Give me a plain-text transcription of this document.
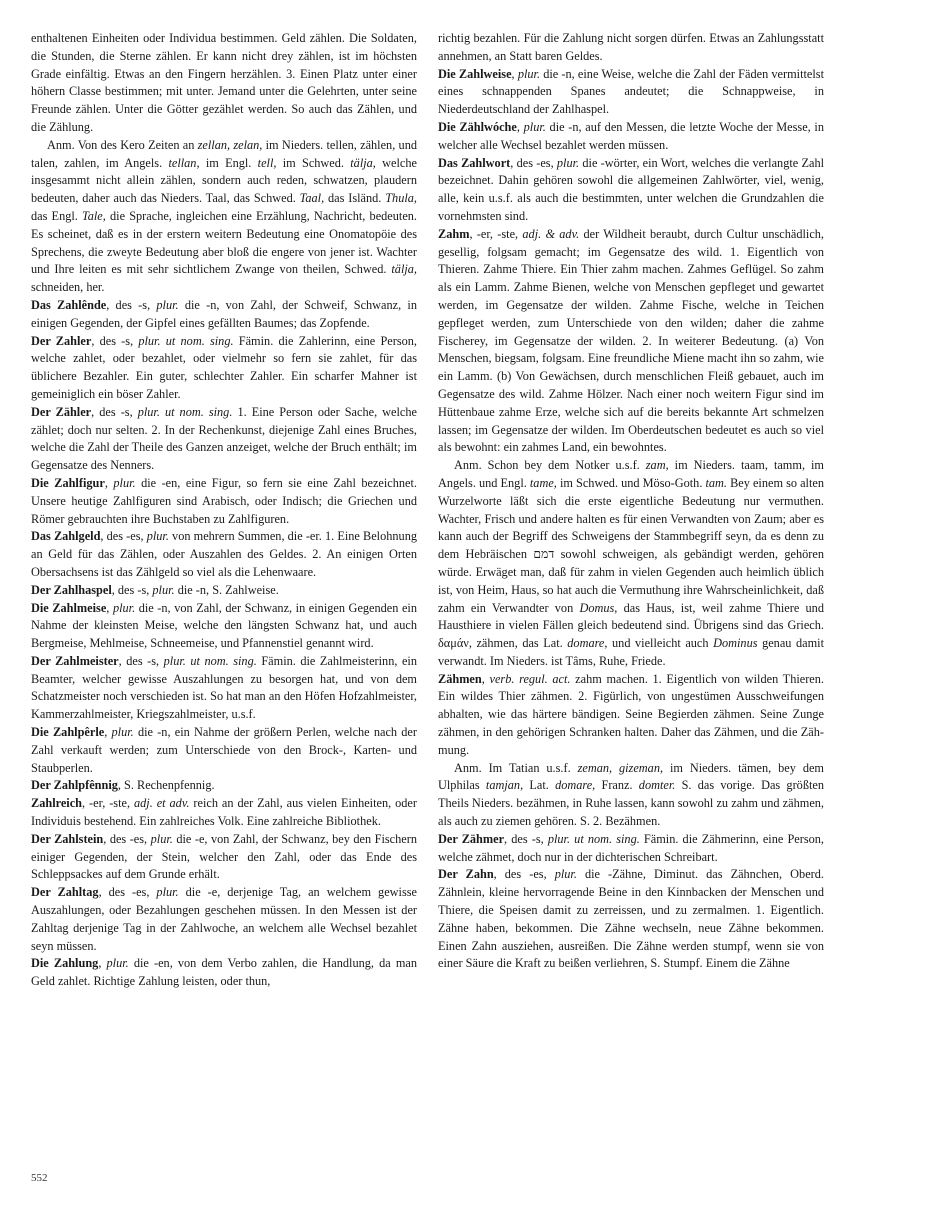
enthaltenen Einheiten oder Individua bestimmen. Geld zählen. Die Soldaten, die Stunden, die Sterne zählen. Er kann nicht drey zählen, ist im höchsten Grade einfältig. Etwas an den Fingern herzählen. 3. Einen Platz unter einer höhern Classe bestimmen; mit unter. Jemand unter die Gelehrten, unter seine Freunde zählen. Unter die Götter gezählet werden. So auch das Zählen, und die Zählung.

Anm. Von des Kero Zeiten an zellan, zelan, im Nieders. tellen, zählen, und talen, zahlen, im Angels. tellan, im Engl. tell, im Schwed. tälja, welche insgesammt nicht allein zählen, sondern auch reden, schwatzen, plaudern bedeuten, daher auch das Nieders. Taal, das Schwed. Taal, das Isländ. Thula, das Engl. Tale, die Sprache, ingleichen eine Erzählung, Nachricht, bedeuten. Es scheinet, daß es in der erstern weitern Bedeutung eine Onomatopöie des Sprechens, die zweyte Bedeutung aber bloß die engere von jener ist. Wachter und Ihre leiten es mit sehr sichtlichem Zwange von theilen, Schwed. tälja, schneiden, her.

Das Zahlênde, des -s, plur. die -n, von Zahl, der Schweif, Schwanz, in einigen Gegenden, der Gipfel eines gefällten Baumes; das Zopfende.

Der Zahler, des -s, plur. ut nom. sing. Fämin. die Zahlerinn, eine Person, welche zahlet, oder bezahlet, oder vielmehr so fern sie zahlet, für das üblichere Bezahler. Ein guter, schlechter Zahler. Ein scharfer Mahner ist gemeiniglich ein böser Zahler.

Der Zähler, des -s, plur. ut nom. sing. 1. Eine Person oder Sache, welche zählet; doch nur selten. 2. In der Rechenkunst, diejenige Zahl eines Bruches, welche die Zahl der Theile des Ganzen anzeiget, welche der Bruch enthält; im Gegensatze des Nenners.

Die Zahlfigur, plur. die -en, eine Figur, so fern sie eine Zahl bezeichnet. Unsere heutige Zahlfiguren sind Arabisch, oder Indisch; die Griechen und Römer gebrauchten ihre Buchstaben zu Zahlfiguren.

Das Zahlgeld, des -es, plur. von mehrern Summen, die -er. 1. Eine Belohnung an Geld für das Zählen, oder Auszahlen des Geldes. 2. An einigen Orten Obersachsens ist das Zählgeld so viel als die Lehenwaare.

Der Zahlhaspel, des -s, plur. die -n, S. Zahlweise.

Die Zahlmeise, plur. die -n, von Zahl, der Schwanz, in einigen Gegenden ein Nahme der kleinsten Meise, welche den längsten Schwanz hat, und auch Bergmeise, Mehlmeise, Schneemeise, und Pfannenstiel genannt wird.

Der Zahlmeister, des -s, plur. ut nom. sing. Fämin. die Zahlmeisterinn, ein Beamter, welcher gewisse Auszahlungen zu besorgen hat, und von dem Schatzmeister noch verschieden ist. So hat man an den Höfen Hofzahlmeister, Kammerzahlmeister, Kriegszahlmeister, u.s.f.

Die Zahlpêrle, plur. die -n, ein Nahme der größern Perlen, welche nach der Zahl verkauft werden; zum Unterschiede von den Brock-, Karten- und Staubperlen.

Der Zahlpfênnig, S. Rechenpfennig.

Zahlreich, -er, -ste, adj. et adv. reich an der Zahl, aus vielen Einheiten, oder Individuis bestehend. Ein zahlreiches Volk. Eine zahlreiche Bibliothek.

Der Zahlstein, des -es, plur. die -e, von Zahl, der Schwanz, bey den Fischern einiger Gegenden, der Stein, welcher den Zahl, oder das Ende des Schleppsackes auf dem Grunde erhält.

Der Zahltag, des -es, plur. die -e, derjenige Tag, an welchem gewisse Auszahlungen, oder Bezahlungen geschehen müssen. In den Messen ist der Zahltag derjenige Tag in der Zahlwoche, an welchem alle Wechsel bezahlet seyn müssen.

Die Zahlung, plur. die -en, von dem Verbo zahlen, die Handlung, da man Geld zahlet. Richtige Zahlung leisten, oder thun,

richtig bezahlen. Für die Zahlung nicht sorgen dürfen. Etwas an Zahlungsstatt annehmen, an Statt baren Geldes.

Die Zahlweise, plur. die -n, eine Weise, welche die Zahl der Fäden vermittelst eines schnappenden Spanes andeutet; die Schnappweise, in Niederdeutschland der Zahlhaspel.

Die Zählwóche, plur. die -n, auf den Messen, die letzte Woche der Messe, in welcher alle Wechsel bezahlet werden müssen.

Das Zahlwort, des -es, plur. die -wörter, ein Wort, welches die verlangte Zahl bezeichnet. Dahin gehören sowohl die allgemeinen Zahlwörter, viel, wenig, alle, kein u.s.f. als auch die bestimmten, unter welchen die Grundzahlen die vornehmsten sind.

Zahm, -er, -ste, adj. & adv. der Wildheit beraubt, durch Cultur unschädlich, gesellig, folgsam gemacht; im Gegensatze des wild. 1. Eigentlich von Thieren. Zahme Thiere. Ein Thier zahm machen. Zahmes Geflügel. So zahm als ein Lamm. Zahme Bienen, welche von Menschen gepfleget und gewartet werden, im Gegensatze der wilden. Zahme Fische, welche in Teichen gepfleget werden, zum Unterschiede von den wilden; daher die zahme Fischerey, im Gegensatze der wilden. 2. In weiterer Bedeutung. (a) Von Menschen, biegsam, folgsam. Eine freundliche Miene macht ihn so zahm, wie ein Lamm. (b) Von Gewächsen, durch menschlichen Fleiß gebauet, auch im Gegensatze des wild. Zahme Hölzer. Nach einer noch weitern Figur sind im Hüttenbaue zahme Erze, welche sich auf die bereits bekannte Art schmelzen lassen; im Gegensatze der wilden. Im Oberdeutschen bedeutet es auch so viel als bewohnt: ein zahmes Land, ein bewohntes.

Anm. Schon bey dem Notker u.s.f. zam, im Nieders. taam, tamm, im Angels. und Engl. tame, im Schwed. und Möso-Goth. tam. Bey einem so alten Wurzelworte läßt sich die erste eigentliche Bedeutung nur vermuthen. Wachter, Frisch und andere halten es für einen Verwandten von Zaum; aber es kann auch der Begriff des Schweigens der Stammbegriff seyn, da es denn zu dem Hebräischen דמם sowohl schweigen, als gebändigt werden, gehören würde. Erwäget man, daß für zahm in vielen Gegenden auch heimlich üblich ist, von Heim, Haus, so hat auch die Vermuthung ihre Wahrscheinlichkeit, daß zahm ein Verwandter von Domus, das Haus, ist, weil zahme Thiere und Hausthiere in vielen Fällen gleich bedeutend sind. Übrigens sind das Griech. δαμάν, zähmen, das Lat. domare, und vielleicht auch Dominus genau damit verwandt. Im Nieders. ist Tâms, Ruhe, Friede.

Zähmen, verb. regul. act. zahm machen. 1. Eigentlich von wilden Thieren. Ein wildes Thier zähmen. 2. Figürlich, von ungestümen Ausschweifungen abhalten, wie das härtere bändigen. Seine Begierden zähmen. Seine Zunge zähmen, in den gehörigen Schranken halten. Daher das Zähmen, und die Zähmung.

Anm. Im Tatian u.s.f. zeman, gizeman, im Nieders. tämen, bey dem Ulphilas tamjan, Lat. domare, Franz. domter. S. das vorige. Das größten Theils Nieders. bezähmen, in Ruhe lassen, kann sowohl zu zahm und zähmen, als auch zu ziemen gehören. S. 2. Bezähmen.

Der Zähmer, des -s, plur. ut nom. sing. Fämin. die Zähmerinn, eine Person, welche zähmet, doch nur in der dichterischen Schreibart.

Der Zahn, des -es, plur. die -Zähne, Diminut. das Zähnchen, Oberd. Zähnlein, kleine hervorragende Beine in den Kinnbacken der Menschen und Thiere, die Speisen damit zu zerreissen, und zu zermalmen. 1. Eigentlich. Zähne haben, bekommen. Die Zähne wechseln, neue Zähne bekommen. Einen Zahn ausziehen, ausreißen. Die Zähne werden stumpf, wenn sie von einer Säure die Kraft zu beißen verliehren, S. Stumpf. Einem die Zähne

552
